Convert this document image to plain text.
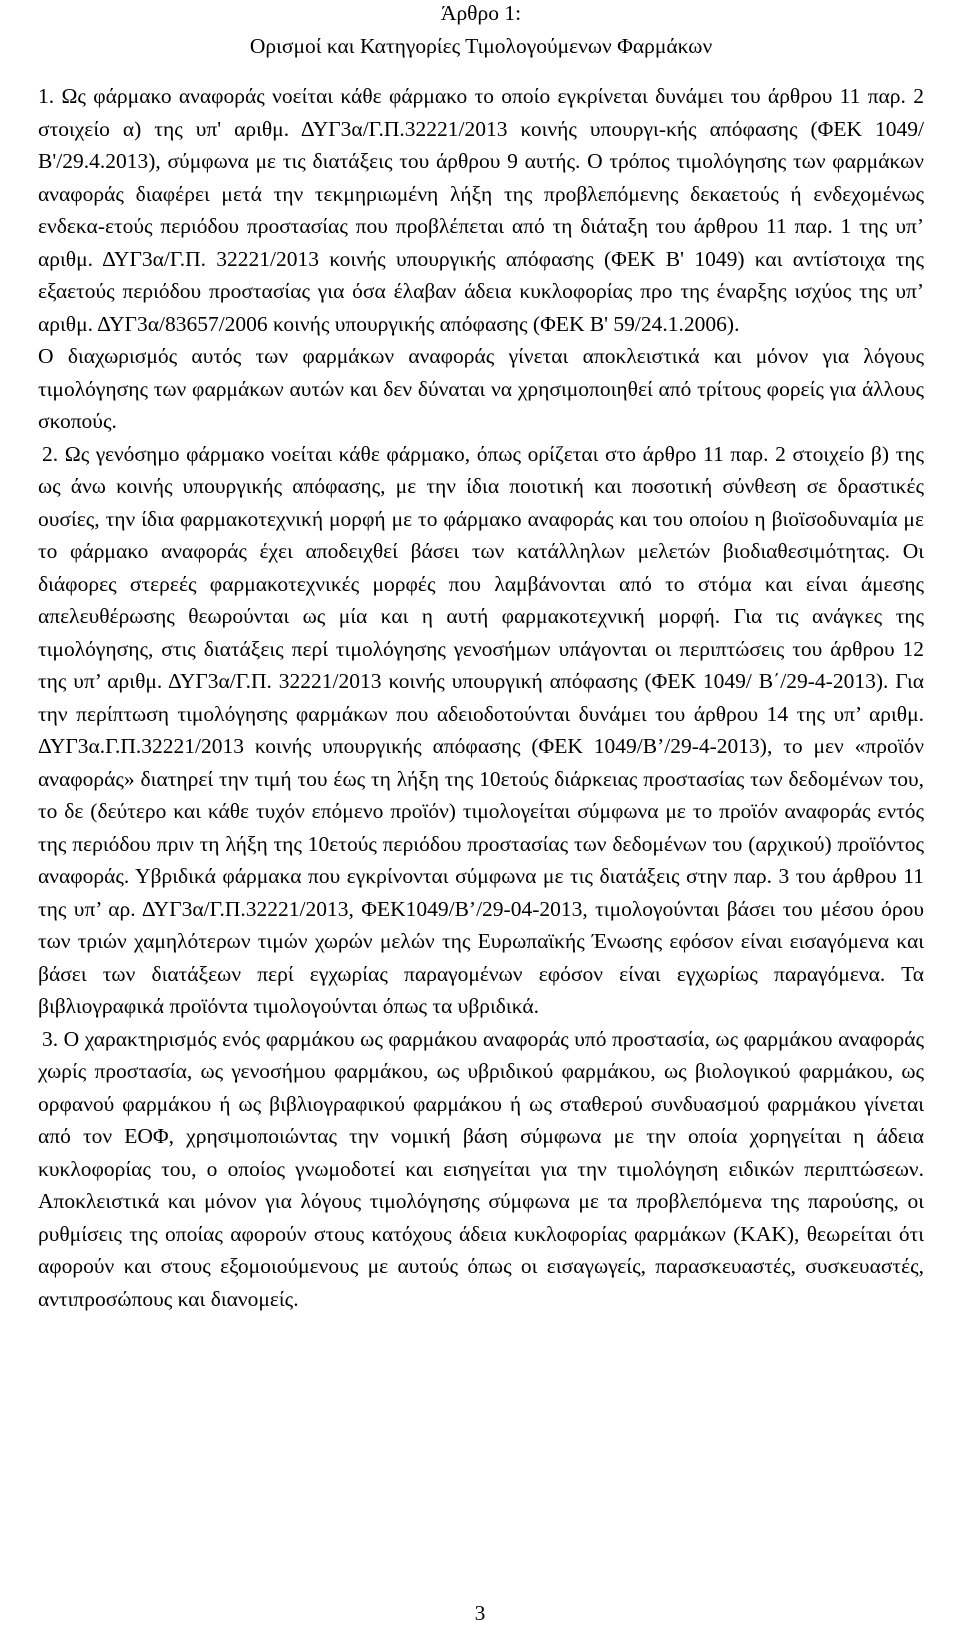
Άρθρο 1:
Ορισμοί και Κατηγορίες Τιμολογούμενων Φαρμάκων

1. Ως φάρμακο αναφοράς νοείται κάθε φάρμακο το οποίο εγκρίνεται δυνάμει του άρθρου 11 παρ. 2 στοιχείο α) της υπ' αριθμ. ΔΥΓ3α/Γ.Π.32221/2013 κοινής υπουργι-κής απόφασης (ΦΕΚ 1049/Β'/29.4.2013), σύμφωνα με τις διατάξεις του άρθρου 9 αυτής. Ο τρόπος τιμολόγησης των φαρμάκων αναφοράς διαφέρει μετά την τεκμηριωμένη λήξη της προβλεπόμενης δεκαετούς ή ενδεχομένως ενδεκα-ετούς περιόδου προστασίας που προβλέπεται από τη διάταξη του άρθρου 11 παρ. 1 της υπ’ αριθμ. ΔΥΓ3α/Γ.Π. 32221/2013 κοινής υπουργικής απόφασης (ΦΕΚ Β' 1049) και αντίστοιχα της εξαετούς περιόδου προστασίας για όσα έλαβαν άδεια κυκλοφορίας προ της έναρξης ισχύος της υπ’ αριθμ. ΔΥΓ3α/83657/2006 κοινής υπουργικής απόφασης (ΦΕΚ Β' 59/24.1.2006).

Ο διαχωρισμός αυτός των φαρμάκων αναφοράς γίνεται αποκλειστικά και μόνον για λόγους τιμολόγησης των φαρμάκων αυτών και δεν δύναται να χρησιμοποιηθεί από τρίτους φορείς για άλλους σκοπούς.

2. Ως γενόσημο φάρμακο νοείται κάθε φάρμακο, όπως ορίζεται στο άρθρο 11 παρ. 2 στοιχείο β) της ως άνω κοινής υπουργικής απόφασης, με την ίδια ποιοτική και ποσοτική σύνθεση σε δραστικές ουσίες, την ίδια φαρμακοτεχνική μορφή με το φάρμακο αναφοράς και του οποίου η βιοϊσοδυναμία με το φάρμακο αναφοράς έχει αποδειχθεί βάσει των κατάλληλων μελετών βιοδιαθεσιμότητας. Οι διάφορες στερεές φαρμακοτεχνικές μορφές που λαμβάνονται από το στόμα και είναι άμεσης απελευθέρωσης θεωρούνται ως μία και η αυτή φαρμακοτεχνική μορφή. Για τις ανάγκες της τιμολόγησης, στις διατάξεις περί τιμολόγησης γενοσήμων υπάγονται οι περιπτώσεις του άρθρου 12 της υπ’ αριθμ. ΔΥΓ3α/Γ.Π. 32221/2013 κοινής υπουργική απόφασης (ΦΕΚ 1049/ Β΄/29-4-2013). Για την περίπτωση τιμολόγησης φαρμάκων που αδειοδοτούνται δυνάμει του άρθρου 14 της υπ’ αριθμ. ΔΥΓ3α.Γ.Π.32221/2013 κοινής υπουργικής απόφασης (ΦΕΚ 1049/Β’/29-4-2013), το μεν «προϊόν αναφοράς» διατηρεί την τιμή του έως τη λήξη της 10ετούς διάρκειας προστασίας των δεδομένων του, το δε (δεύτερο και κάθε τυχόν επόμενο προϊόν) τιμολογείται σύμφωνα με το προϊόν αναφοράς εντός της περιόδου πριν τη λήξη της 10ετούς περιόδου προστασίας των δεδομένων του (αρχικού) προϊόντος αναφοράς. Υβριδικά φάρμακα που εγκρίνονται σύμφωνα με τις διατάξεις στην παρ. 3 του άρθρου 11 της υπ’ αρ. ΔΥΓ3α/Γ.Π.32221/2013, ΦΕΚ1049/Β’/29-04-2013, τιμολογούνται βάσει του μέσου όρου των τριών χαμηλότερων τιμών χωρών μελών της Ευρωπαϊκής Ένωσης εφόσον είναι εισαγόμενα και βάσει των διατάξεων περί εγχωρίας παραγομένων εφόσον είναι εγχωρίως παραγόμενα. Τα βιβλιογραφικά προϊόντα τιμολογούνται όπως τα υβριδικά.

3. Ο χαρακτηρισμός ενός φαρμάκου ως φαρμάκου αναφοράς υπό προστασία, ως φαρμάκου αναφοράς χωρίς προστασία, ως γενοσήμου φαρμάκου, ως υβριδικού φαρμάκου, ως βιολογικού φαρμάκου, ως ορφανού φαρμάκου ή ως βιβλιογραφικού φαρμάκου ή ως σταθερού συνδυασμού φαρμάκου γίνεται από τον ΕΟΦ, χρησιμοποιώντας την νομική βάση σύμφωνα με την οποία χορηγείται η άδεια κυκλοφορίας του, ο οποίος γνωμοδοτεί και εισηγείται για την τιμολόγηση ειδικών περιπτώσεων. Αποκλειστικά και μόνον για λόγους τιμολόγησης σύμφωνα με τα προβλεπόμενα της παρούσης, οι ρυθμίσεις της οποίας αφορούν στους κατόχους άδεια κυκλοφορίας φαρμάκων (ΚΑΚ), θεωρείται ότι αφορούν και στους εξομοιούμενους με αυτούς όπως οι εισαγωγείς, παρασκευαστές, συσκευαστές, αντιπροσώπους και διανομείς.

3
